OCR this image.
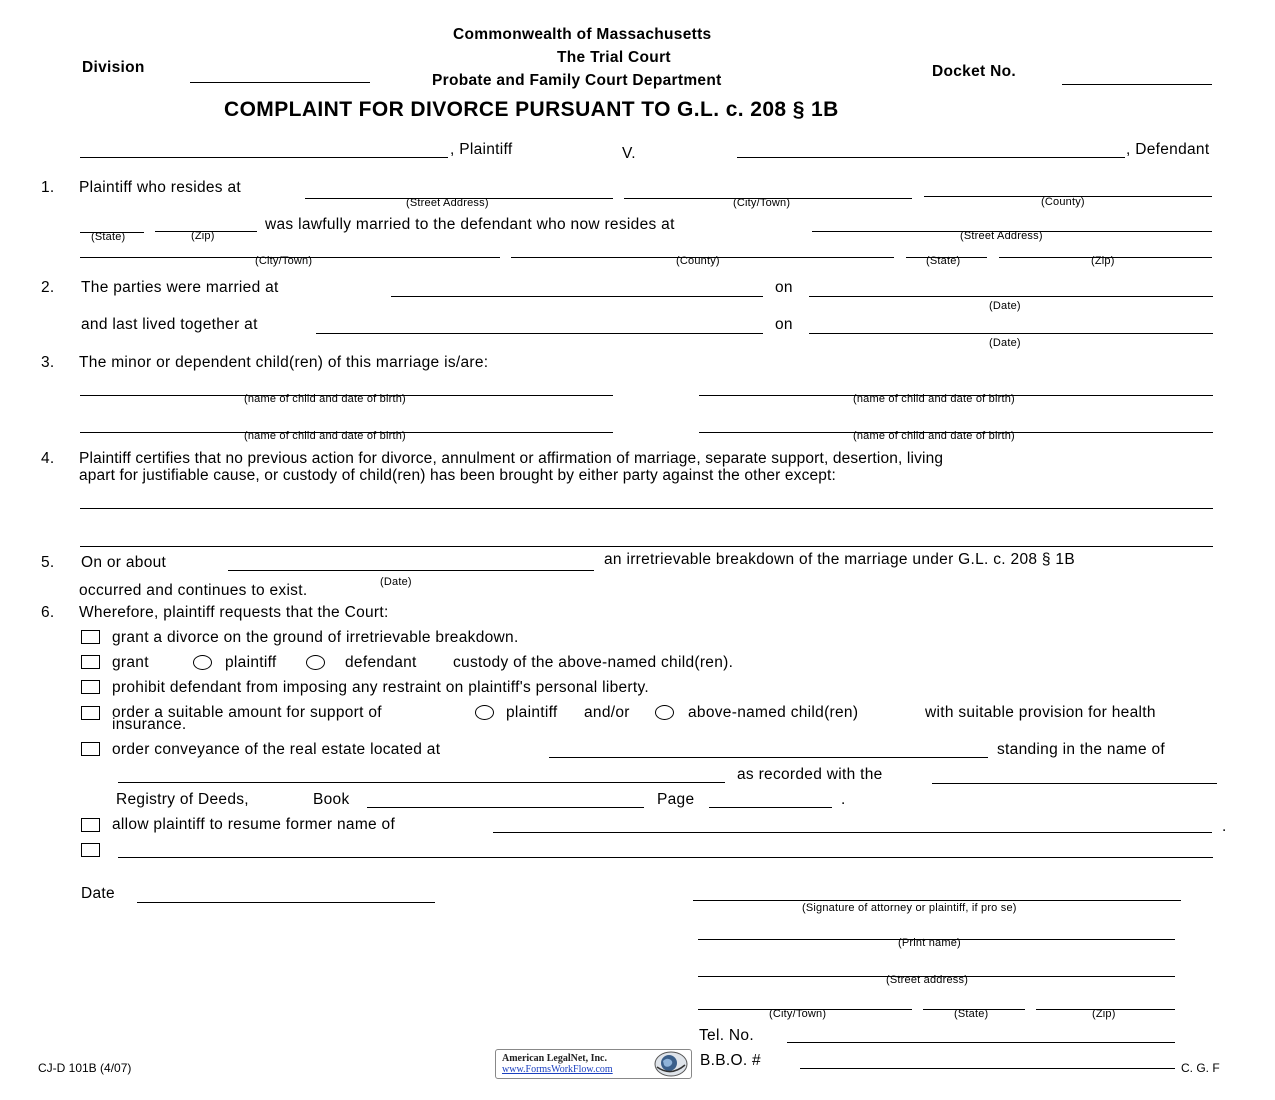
Commonwealth of Massachusetts
The Trial Court
Probate and Family Court Department
Division	Docket No.
COMPLAINT FOR DIVORCE PURSUANT TO G.L. c. 208 § 1B
, Plaintiff	V.	, Defendant
1. Plaintiff who resides at
(Street Address)	(City/Town)	(County)
(State)	(Zip)
was lawfully married to the defendant who now resides at
(Street Address)
(City/Town)	(County)	(State)	(Zip)
2. The parties were married at	on
(Date)
and last lived together at	on
(Date)
3. The minor or dependent child(ren) of this marriage is/are:
(name of child and date of birth)	(name of child and date of birth)
(name of child and date of birth)	(name of child and date of birth)
4. Plaintiff certifies that no previous action for divorce, annulment or affirmation of marriage, separate support, desertion, living
apart for justifiable cause, or custody of child(ren) has been brought by either party against the other except:
5. On or about	an irretrievable breakdown of the marriage under G.L. c. 208 § 1B
occurred and continues to exist.	(Date)
6. Wherefore, plaintiff requests that the Court:
grant a divorce on the ground of irretrievable breakdown.
grant	plaintiff	defendant custody of the above-named child(ren).
prohibit defendant from imposing any restraint on plaintiff's personal liberty.
order a suitable amount for support of	plaintiff and/or	above-named child(ren)	with suitable provision for health
insurance.
order conveyance of the real estate located at	standing in the name of
as recorded with the
Registry of Deeds,	Book	Page	.
allow plaintiff to resume former name of	.
Date
(Signature of attorney or plaintiff, if pro se)
(Print name)
(Street address)
(City/Town)	(State)	(Zip)
Tel. No.
B.B.O. #
CJ-D 101B (4/07)	C. G. F
American LegalNet, Inc.
www.FormsWorkFlow.com
